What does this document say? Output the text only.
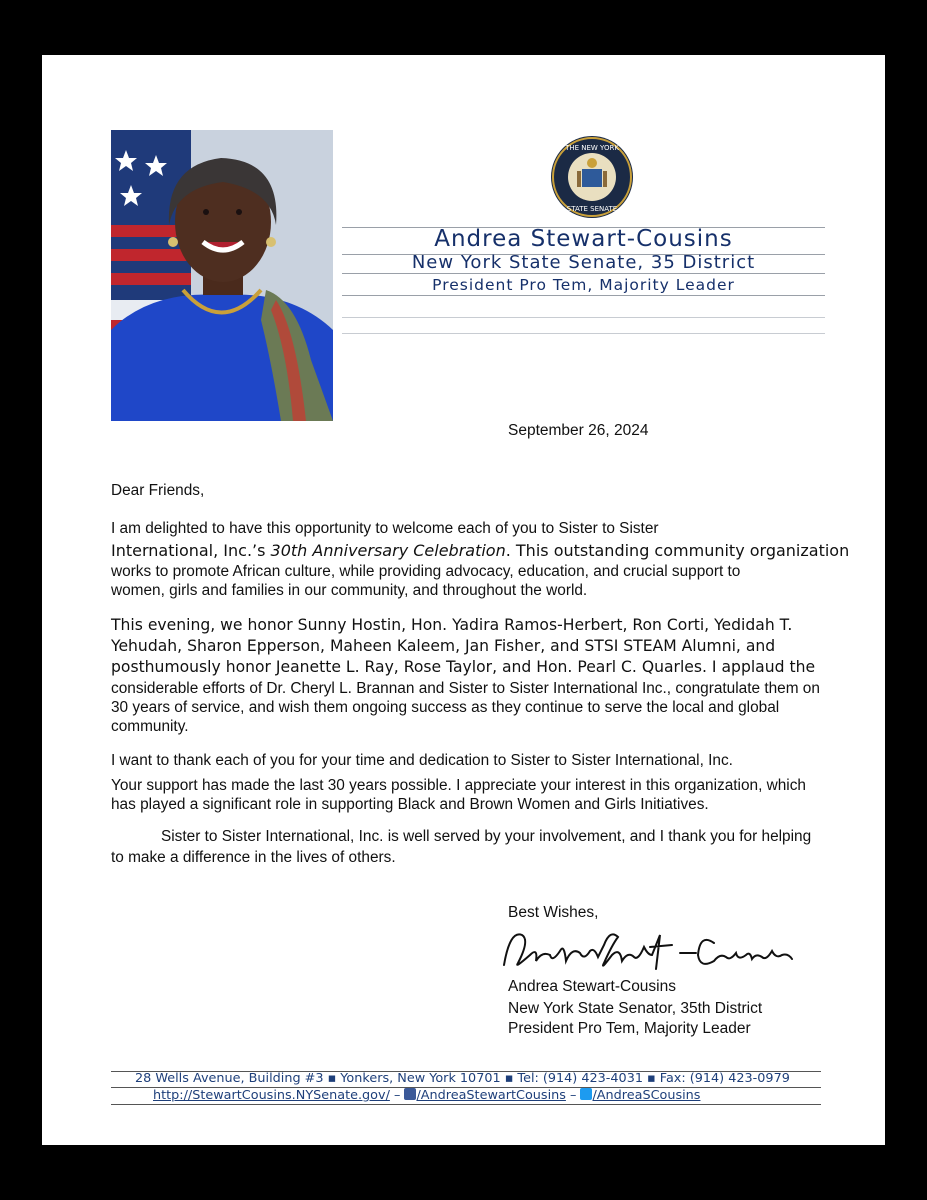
THE NEW YORK
STATE SENATE
Andrea Stewart-Cousins
New York State Senate, 35 District
President Pro Tem, Majority Leader
September 26, 2024
Dear Friends,
I am delighted to have this opportunity to welcome each of you to Sister to Sister
International, Inc.’s 30th Anniversary Celebration. This outstanding community organization
works to promote African culture, while providing advocacy, education, and crucial support to women, girls and families in our community, and throughout the world.
This evening, we honor Sunny Hostin, Hon. Yadira Ramos-Herbert, Ron Corti, Yedidah T. Yehudah, Sharon Epperson, Maheen Kaleem, Jan Fisher, and STSI STEAM Alumni, and posthumously honor Jeanette L. Ray, Rose Taylor, and Hon. Pearl C. Quarles. I applaud the
considerable efforts of Dr. Cheryl L. Brannan and Sister to Sister International Inc., congratulate them on 30 years of service, and wish them ongoing success as they continue to serve the local and global community.
I want to thank each of you for your time and dedication to Sister to Sister International, Inc.
Your support has made the last 30 years possible. I appreciate your interest in this organization, which has played a significant role in supporting Black and Brown Women and Girls Initiatives.
Sister to Sister International, Inc. is well served by your involvement, and I thank you for helping to make a difference in the lives of others.
Best Wishes,
Andrea Stewart-Cousins
New York State Senator, 35th District
President Pro Tem, Majority Leader
28 Wells Avenue, Building #3 ▪ Yonkers, New York 10701 ▪ Tel: (914) 423-4031 ▪ Fax: (914) 423-0979
http://StewartCousins.NYSenate.gov/ – /AndreaStewartCousins – /AndreaSCousins
